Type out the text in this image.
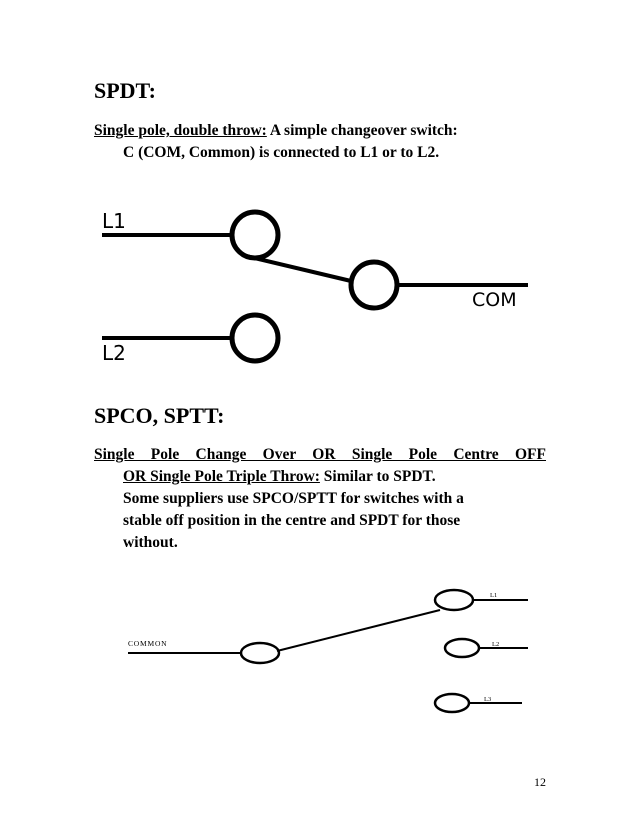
SPDT:

Single pole, double throw: A simple changeover switch:
C (COM, Common) is connected to L1 or to L2.

L1
L2
COM
SPCO, SPTT:

Single Pole Change Over OR Single Pole Centre OFF
OR Single Pole Triple Throw: Similar to SPDT.
Some suppliers use SPCO/SPTT for switches with a
stable off position in the centre and SPDT for those
without.

COMMON
L1
L2
L3
12
